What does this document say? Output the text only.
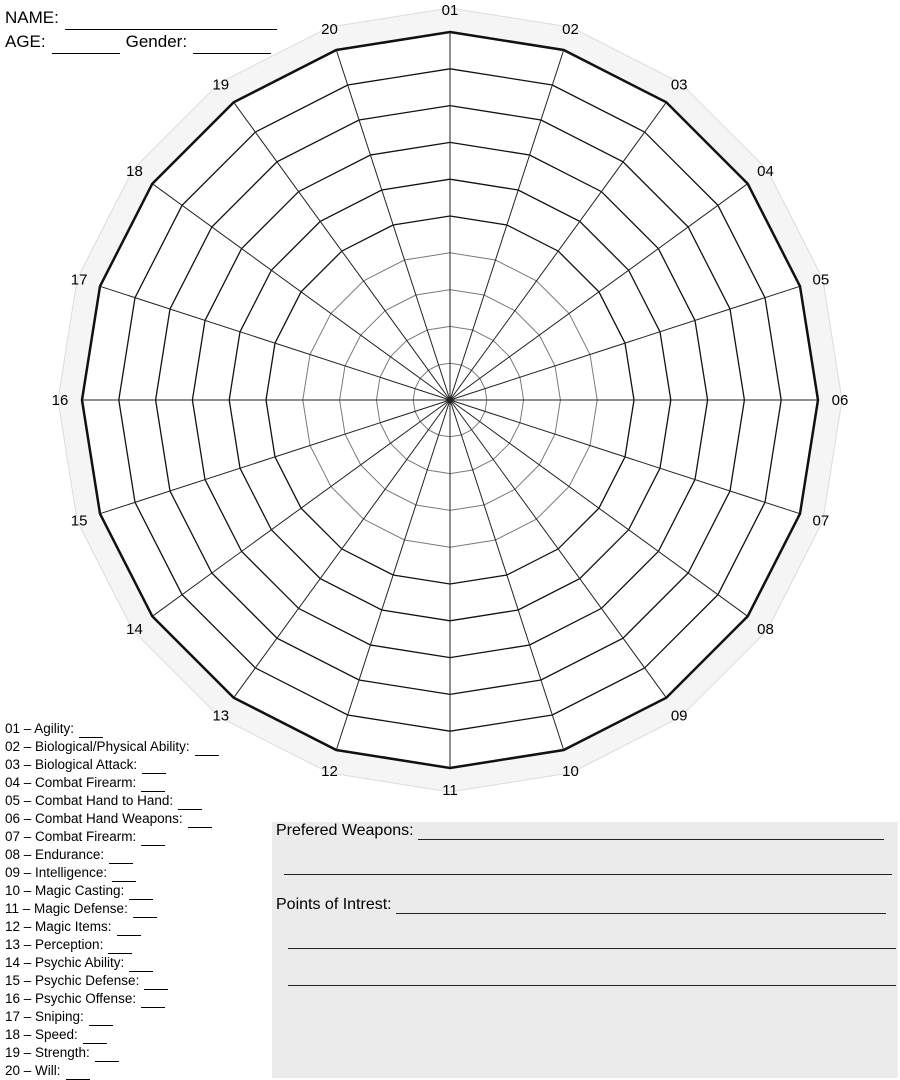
01
02
03
04
05
06
07
08
09
10
11
12
13
14
15
16
17
18
19
20
NAME:
AGE:	Gender:
01 – Agility:
02 – Biological/Physical Ability:
03 – Biological Attack:
04 – Combat Firearm:
05 – Combat Hand to Hand:
06 – Combat Hand Weapons:
07 – Combat Firearm:
08 – Endurance:
09 – Intelligence:
10 – Magic Casting:
11 – Magic Defense:
12 – Magic Items:
13 – Perception:
14 – Psychic Ability:
15 – Psychic Defense:
16 – Psychic Offense:
17 – Sniping:
18 – Speed:
19 – Strength:
20 – Will:
Prefered Weapons:
Points of Intrest:
